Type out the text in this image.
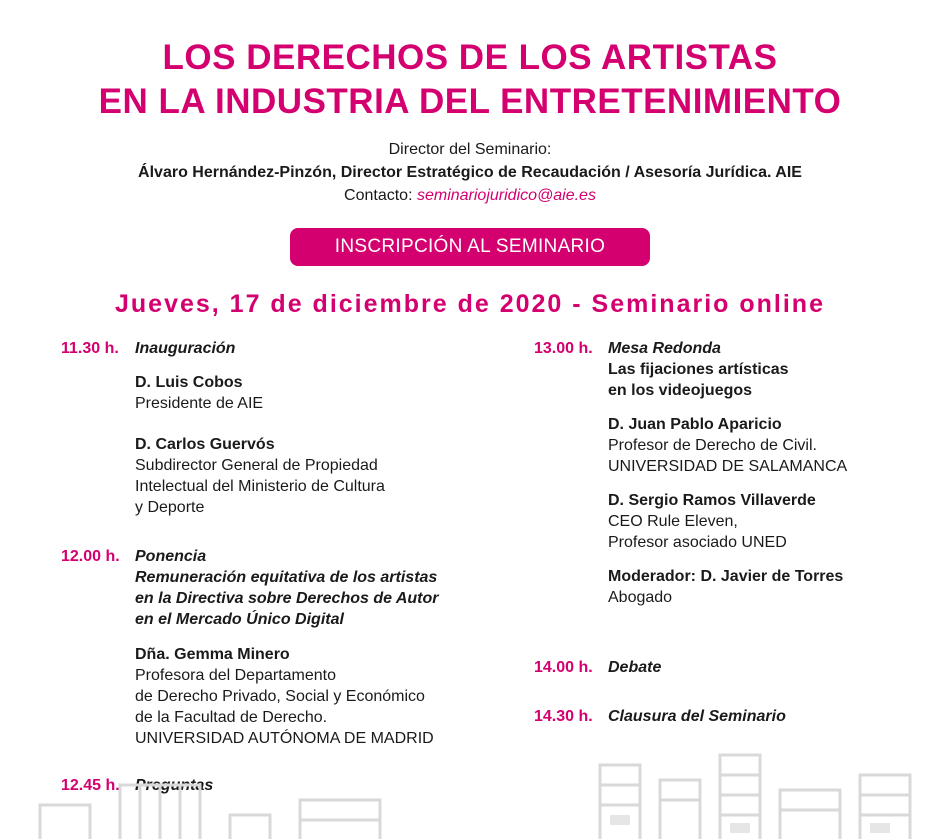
LOS DERECHOS DE LOS ARTISTAS
EN LA INDUSTRIA DEL ENTRETENIMIENTO
Director del Seminario:
Álvaro Hernández-Pinzón, Director Estratégico de Recaudación / Asesoría Jurídica. AIE
Contacto: seminariojuridico@aie.es
INSCRIPCIÓN AL SEMINARIO
Jueves, 17 de diciembre de 2020 - Seminario online
11.30 h. Inauguración
D. Luis Cobos
Presidente de AIE
D. Carlos Guervós
Subdirector General de Propiedad
Intelectual del Ministerio de Cultura
y Deporte
12.00 h. Ponencia
Remuneración equitativa de los artistas
en la Directiva sobre Derechos de Autor
en el Mercado Único Digital
Dña. Gemma Minero
Profesora del Departamento
de Derecho Privado, Social y Económico
de la Facultad de Derecho.
UNIVERSIDAD AUTÓNOMA DE MADRID
12.45 h. Preguntas
13.00 h. Mesa Redonda
Las fijaciones artísticas
en los videojuegos
D. Juan Pablo Aparicio
Profesor de Derecho de Civil.
UNIVERSIDAD DE SALAMANCA
D. Sergio Ramos Villaverde
CEO Rule Eleven,
Profesor asociado UNED
Moderador: D. Javier de Torres
Abogado
14.00 h. Debate
14.30 h. Clausura del Seminario
